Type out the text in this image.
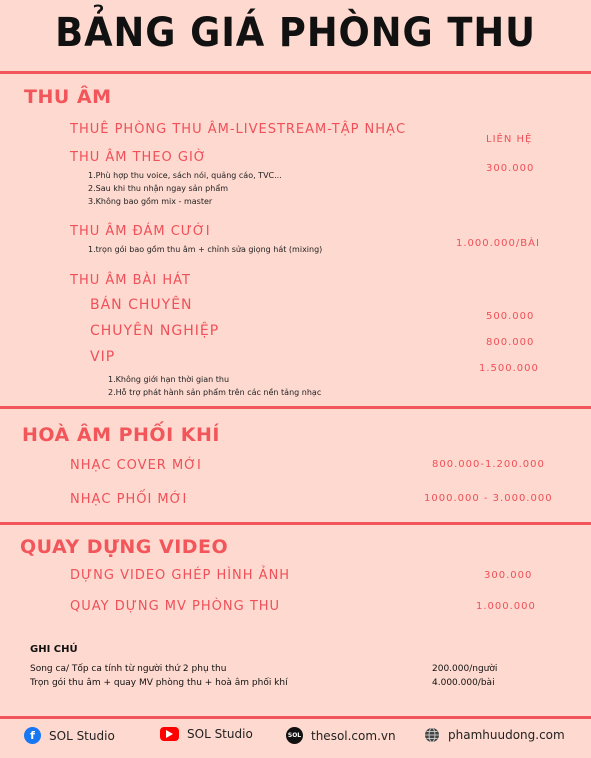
BẢNG GIÁ PHÒNG THU
THU ÂM
THUÊ PHÒNG THU ÂM-LIVESTREAM-TẬP NHẠC
LIÊN HỆ
THU ÂM THEO GIỜ
300.000
1.Phù hợp thu voice, sách nói, quảng cáo, TVC...
2.Sau khi thu nhận ngay sản phẩm
3.Không bao gồm mix - master
THU ÂM ĐÁM CƯỚI
1.000.000/BÀI
1.trọn gói bao gồm thu âm + chỉnh sửa giọng hát (mixing)
THU ÂM BÀI HÁT
BÁN CHUYÊN
500.000
CHUYÊN NGHIỆP
800.000
VIP
1.500.000
1.Không giới hạn thời gian thu
2.Hỗ trợ phát hành sản phẩm trên các nền tảng nhạc
HOÀ ÂM PHỐI KHÍ
NHẠC COVER MỚI	800.000-1.200.000
NHẠC PHỐI MỚI	1000.000 - 3.000.000
QUAY DỰNG VIDEO
DỰNG VIDEO GHÉP HÌNH ẢNH	300.000
QUAY DỰNG MV PHÒNG THU	1.000.000
GHI CHÚ
Song ca/ Tốp ca tính từ người thứ 2 phụ thu	200.000/người
Trọn gói thu âm + quay MV phòng thu + hoà âm phối khí	4.000.000/bài
f	SOL Studio	SOL Studio	SOL thesol.com.vn	phamhuudong.com
